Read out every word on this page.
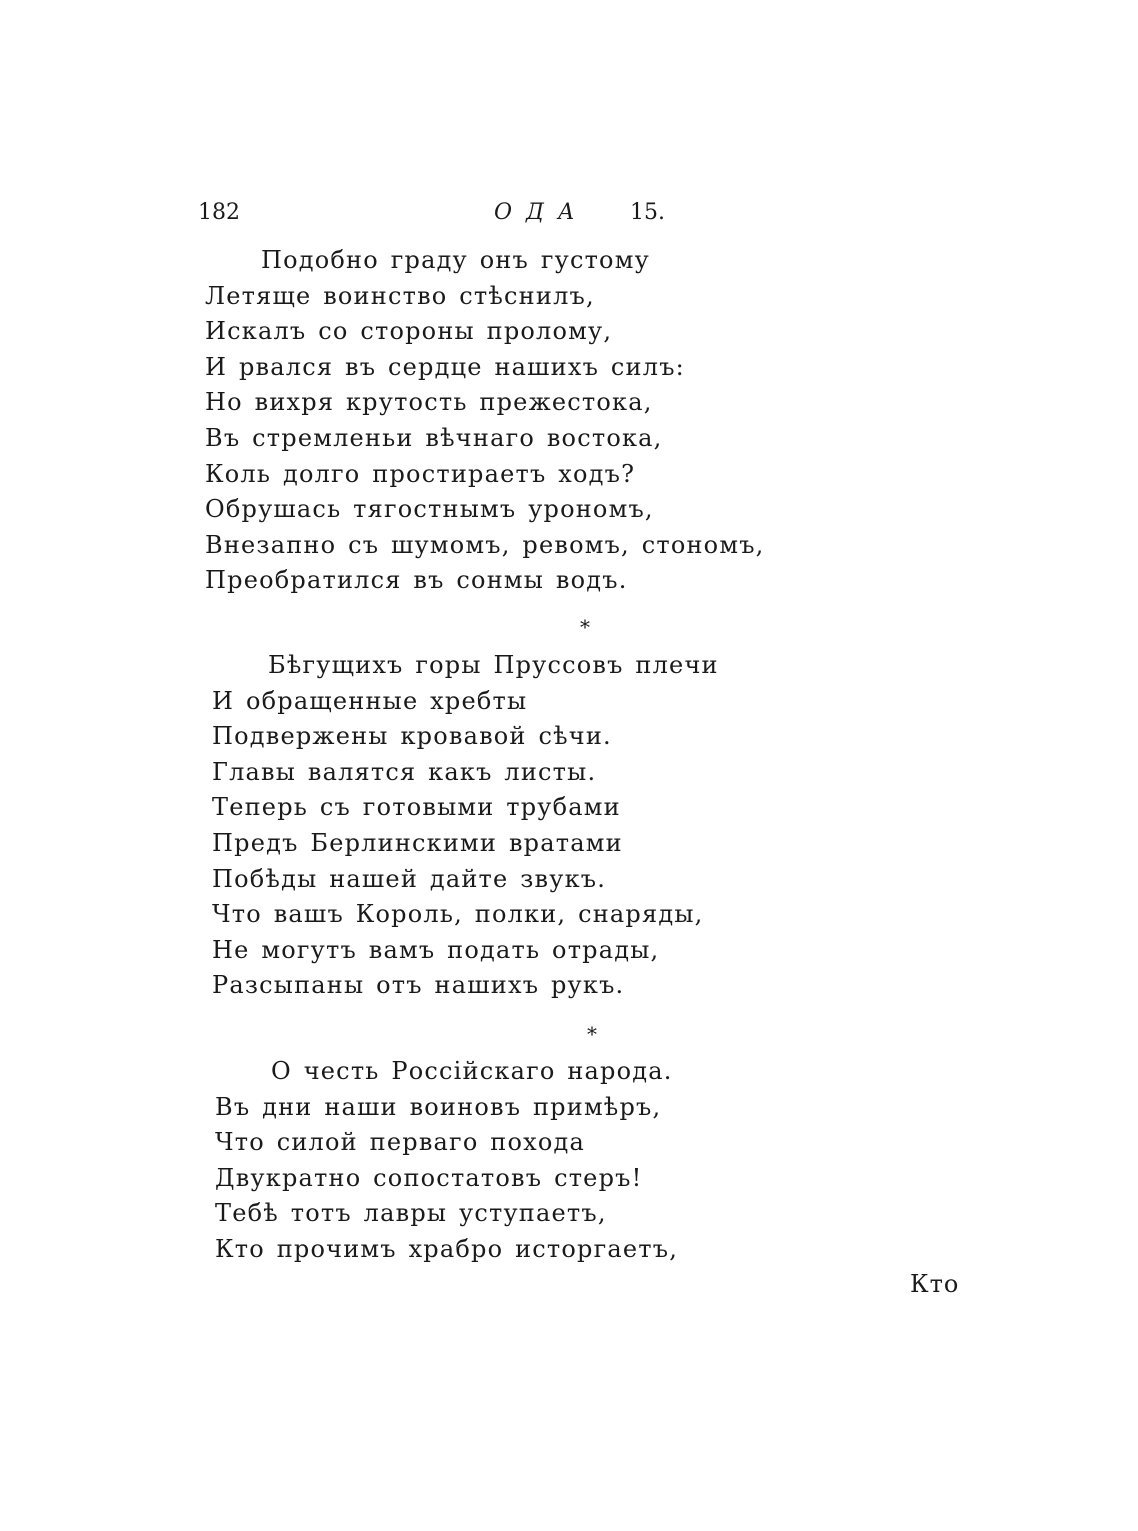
182	ОДА 15.
Подобно граду онъ густому
Летяще воинство стѣснилъ,
Искалъ со стороны пролому,
И рвался въ сердце нашихъ силъ:
Но вихря крутость прежестока,
Въ стремленьи вѣчнаго востока,
Коль долго простираетъ ходъ?
Обрушась тягостнымъ урономъ,
Внезапно съ шумомъ, ревомъ, стономъ,
Преобратился въ сонмы водъ.
*
Бѣгущихъ горы Пруссовъ плечи
И обращенные хребты
Подвержены кровавой сѣчи.
Главы валятся какъ листы.
Теперь съ готовыми трубами
Предъ Берлинскими вратами
Побѣды нашей дайте звукъ.
Что вашъ Король, полки, снаряды,
Не могутъ вамъ подать отрады,
Разсыпаны отъ нашихъ рукъ.
*
О честь Россійскаго народа.
Въ дни наши воиновъ примѣръ,
Что силой перваго похода
Двукратно сопостатовъ стеръ!
Тебѣ тотъ лавры уступаетъ,
Кто прочимъ храбро исторгаетъ,
Кто
